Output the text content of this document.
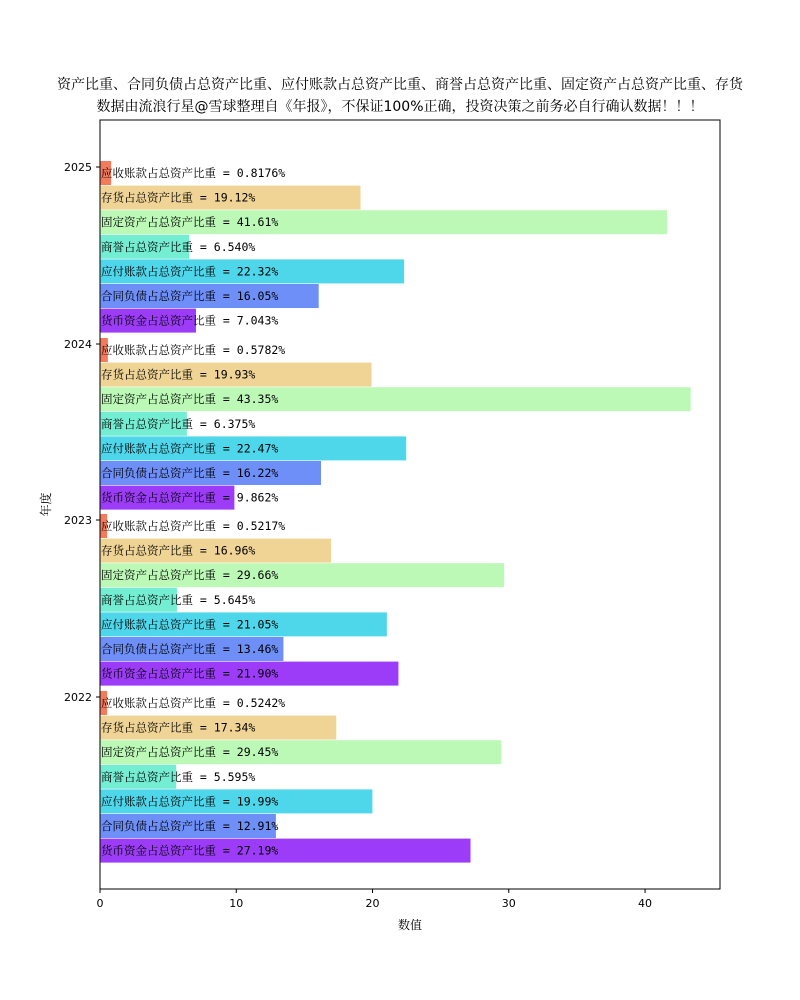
资产比重、合同负债占总资产比重、应付账款占总资产比重、商誉占总资产比重、固定资产占总资产比重、存货
数据由流浪行星@雪球整理自《年报》，不保证100%正确，投资决策之前务必自行确认数据！！！
0	10	20	30	40
2025
2024
2023
2022
应收账款占总资产比重 = 0.8176%
存货占总资产比重 = 19.12%
固定资产占总资产比重 = 41.61%
商誉占总资产比重 = 6.540%
应付账款占总资产比重 = 22.32%
合同负债占总资产比重 = 16.05%
货币资金占总资产比重 = 7.043%
应收账款占总资产比重 = 0.5782%
存货占总资产比重 = 19.93%
固定资产占总资产比重 = 43.35%
商誉占总资产比重 = 6.375%
应付账款占总资产比重 = 22.47%
合同负债占总资产比重 = 16.22%
货币资金占总资产比重 = 9.862%
应收账款占总资产比重 = 0.5217%
存货占总资产比重 = 16.96%
固定资产占总资产比重 = 29.66%
商誉占总资产比重 = 5.645%
应付账款占总资产比重 = 21.05%
合同负债占总资产比重 = 13.46%
货币资金占总资产比重 = 21.90%
应收账款占总资产比重 = 0.5242%
存货占总资产比重 = 17.34%
固定资产占总资产比重 = 29.45%
商誉占总资产比重 = 5.595%
应付账款占总资产比重 = 19.99%
合同负债占总资产比重 = 12.91%
货币资金占总资产比重 = 27.19%
数值
年度
